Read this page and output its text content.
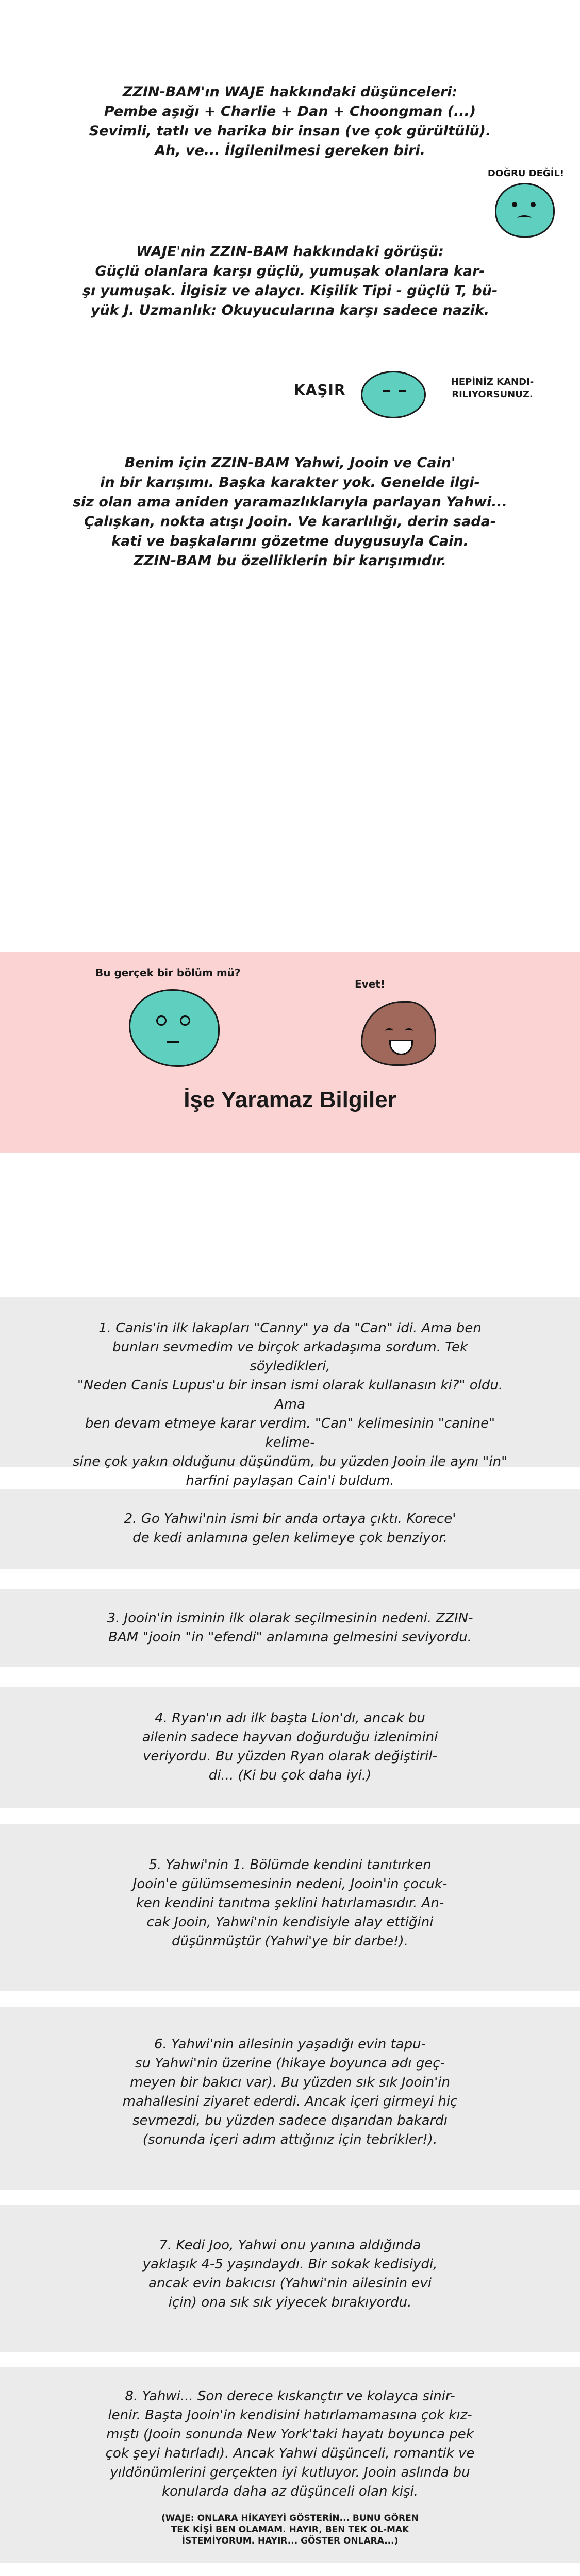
ZZIN-BAM'ın WAJE hakkındaki düşünceleri:
Pembe aşığı + Charlie + Dan + Choongman (...)
Sevimli, tatlı ve harika bir insan (ve çok gürültülü).
Ah, ve... İlgilenilmesi gereken biri.
DOĞRU DEĞİL!
WAJE'nin ZZIN-BAM hakkındaki görüşü:
Güçlü olanlara karşı güçlü, yumuşak olanlara kar-
şı yumuşak. İlgisiz ve alaycı. Kişilik Tipi - güçlü T, bü-
yük J. Uzmanlık: Okuyucularına karşı sadece nazik.
KAŞIR	HEPİNİZ KANDI-RILIYORSUNUZ.
Benim için ZZIN-BAM Yahwi, Jooin ve Cain'
in bir karışımı. Başka karakter yok. Genelde ilgi-
siz olan ama aniden yaramazlıklarıyla parlayan Yahwi...
Çalışkan, nokta atışı Jooin. Ve kararlılığı, derin sada-
kati ve başkalarını gözetme duygusuyla Cain.
ZZIN-BAM bu özelliklerin bir karışımıdır.
Bu gerçek bir bölüm mü?
Evet!
İşe Yaramaz Bilgiler
1. Canis'in ilk lakapları "Canny" ya da "Can" idi. Ama ben
bunları sevmedim ve birçok arkadaşıma sordum. Tek söyledikleri,
"Neden Canis Lupus'u bir insan ismi olarak kullanasın ki?" oldu. Ama
ben devam etmeye karar verdim. "Can" kelimesinin "canine" kelime-
sine çok yakın olduğunu düşündüm, bu yüzden Jooin ile aynı "in"
harfini paylaşan Cain'i buldum.
2. Go Yahwi'nin ismi bir anda ortaya çıktı. Korece'
de kedi anlamına gelen kelimeye çok benziyor.
3. Jooin'in isminin ilk olarak seçilmesinin nedeni. ZZIN-
BAM "jooin "in "efendi" anlamına gelmesini seviyordu.
4. Ryan'ın adı ilk başta Lion'dı, ancak bu
ailenin sadece hayvan doğurduğu izlenimini
veriyordu. Bu yüzden Ryan olarak değiştiril-
di... (Ki bu çok daha iyi.)
5. Yahwi'nin 1. Bölümde kendini tanıtırken
Jooin'e gülümsemesinin nedeni, Jooin'in çocuk-
ken kendini tanıtma şeklini hatırlamasıdır. An-
cak Jooin, Yahwi'nin kendisiyle alay ettiğini
düşünmüştür (Yahwi'ye bir darbe!).
6. Yahwi'nin ailesinin yaşadığı evin tapu-
su Yahwi'nin üzerine (hikaye boyunca adı geç-
meyen bir bakıcı var). Bu yüzden sık sık Jooin'in
mahallesini ziyaret ederdi. Ancak içeri girmeyi hiç
sevmezdi, bu yüzden sadece dışarıdan bakardı
(sonunda içeri adım attığınız için tebrikler!).
7. Kedi Joo, Yahwi onu yanına aldığında
yaklaşık 4-5 yaşındaydı. Bir sokak kedisiydi,
ancak evin bakıcısı (Yahwi'nin ailesinin evi
için) ona sık sık yiyecek bırakıyordu.
8. Yahwi... Son derece kıskançtır ve kolayca sinir-
lenir. Başta Jooin'in kendisini hatırlamamasına çok kız-
mıştı (Jooin sonunda New York'taki hayatı boyunca pek
çok şeyi hatırladı). Ancak Yahwi düşünceli, romantik ve
yıldönümlerini gerçekten iyi kutluyor. Jooin aslında bu
konularda daha az düşünceli olan kişi.
(WAJE: ONLARA HİKAYEYİ GÖSTERİN... BUNU GÖREN TEK KİŞİ BEN OLAMAM. HAYIR, BEN TEK OL-MAK İSTEMİYORUM. HAYIR... GÖSTER ONLARA...)
